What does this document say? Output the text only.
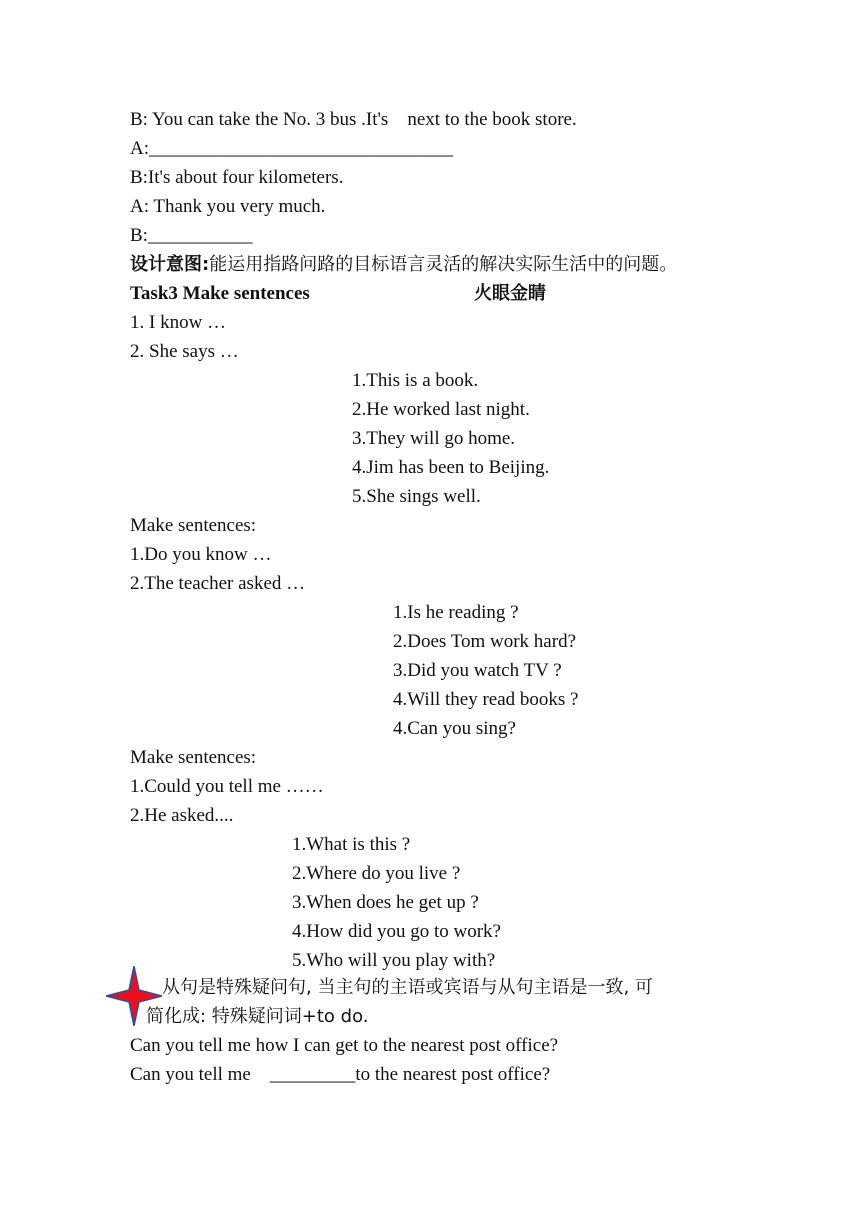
B: You can take the No. 3 bus .It's    next to the book store.
A:________________________________
B:It's about four kilometers.
A: Thank you very much.
B:___________
设计意图:能运用指路问路的目标语言灵活的解决实际生活中的问题。
Task3 Make sentences	火眼金睛
1. I know …
2. She says …
1.This is a book.
2.He worked last night.
3.They will go home.
4.Jim has been to Beijing.
5.She sings well.
Make sentences:
1.Do you know …
2.The teacher asked …
1.Is he reading ?
2.Does Tom work hard?
3.Did you watch TV ?
4.Will they read books ?
4.Can you sing?
Make sentences:
1.Could you tell me ……
2.He asked....
1.What is this ?
2.Where do you live ?
3.When does he get up ?
4.How did you go to work?
5.Who will you play with?
从句是特殊疑问句, 当主句的主语或宾语与从句主语是一致, 可
简化成: 特殊疑问词+to do.
Can you tell me how I can get to the nearest post office?
Can you tell me    _________to the nearest post office?
